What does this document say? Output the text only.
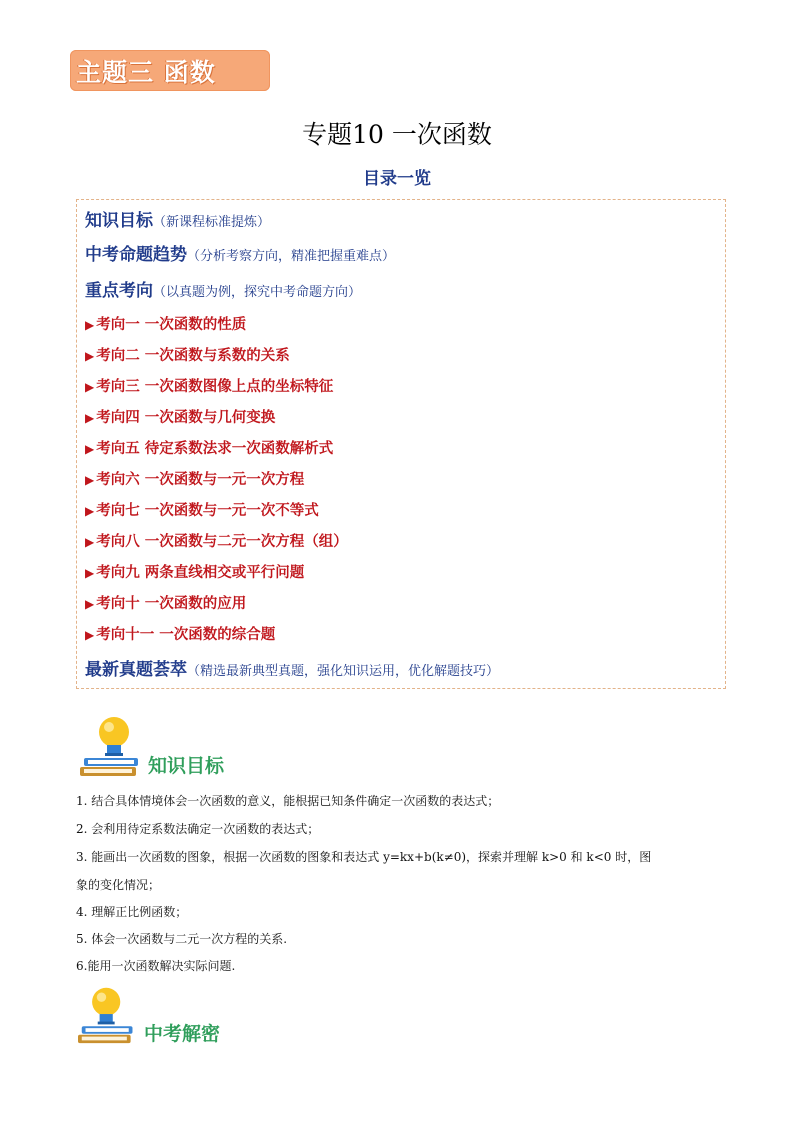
主题三 函数
专题10 一次函数
目录一览
知识目标（新课程标准提炼）
中考命题趋势（分析考察方向，精准把握重难点）
重点考向（以真题为例，探究中考命题方向）
▶ 考向一 一次函数的性质
▶ 考向二 一次函数与系数的关系
▶ 考向三 一次函数图像上点的坐标特征
▶ 考向四 一次函数与几何变换
▶ 考向五 待定系数法求一次函数解析式
▶ 考向六 一次函数与一元一次方程
▶ 考向七 一次函数与一元一次不等式
▶ 考向八 一次函数与二元一次方程（组）
▶ 考向九 两条直线相交或平行问题
▶ 考向十 一次函数的应用
▶ 考向十一 一次函数的综合题
最新真题荟萃（精选最新典型真题，强化知识运用，优化解题技巧）
知识目标
1. 结合具体情境体会一次函数的意义，能根据已知条件确定一次函数的表达式；
2. 会利用待定系数法确定一次函数的表达式；
3. 能画出一次函数的图象，根据一次函数的图象和表达式 y=kx+b(k≠0)，探索并理解 k>0 和 k<0 时，图
象的变化情况；
4. 理解正比例函数；
5. 体会一次函数与二元一次方程的关系.
6.能用一次函数解决实际问题.
中考解密
